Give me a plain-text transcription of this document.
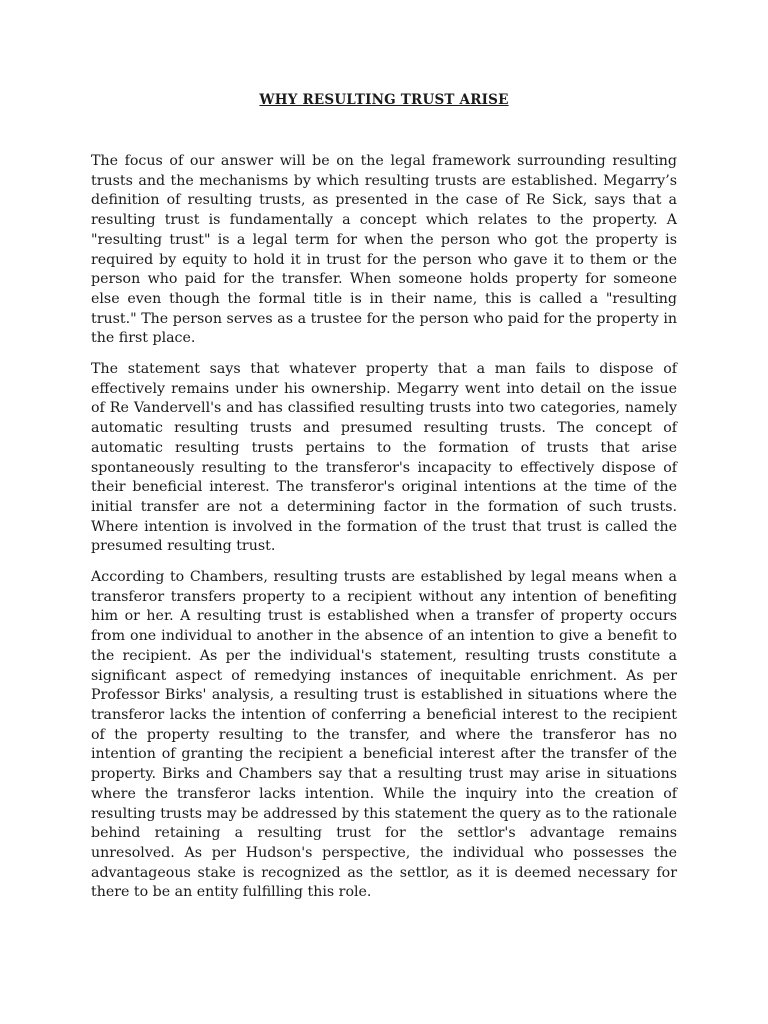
WHY RESULTING TRUST ARISE

The focus of our answer will be on the legal framework surrounding resulting trusts and the mechanisms by which resulting trusts are established. Megarry’s definition of resulting trusts, as presented in the case of Re Sick, says that a resulting trust is fundamentally a concept which relates to the property. A "resulting trust" is a legal term for when the person who got the property is required by equity to hold it in trust for the person who gave it to them or the person who paid for the transfer. When someone holds property for someone else even though the formal title is in their name, this is called a "resulting trust." The person serves as a trustee for the person who paid for the property in the first place.

The statement says that whatever property that a man fails to dispose of effectively remains under his ownership. Megarry went into detail on the issue of Re Vandervell's and has classified resulting trusts into two categories, namely automatic resulting trusts and presumed resulting trusts. The concept of automatic resulting trusts pertains to the formation of trusts that arise spontaneously resulting to the transferor's incapacity to effectively dispose of their beneficial interest. The transferor's original intentions at the time of the initial transfer are not a determining factor in the formation of such trusts. Where intention is involved in the formation of the trust that trust is called the presumed resulting trust.

According to Chambers, resulting trusts are established by legal means when a transferor transfers property to a recipient without any intention of benefiting him or her. A resulting trust is established when a transfer of property occurs from one individual to another in the absence of an intention to give a benefit to the recipient. As per the individual's statement, resulting trusts constitute a significant aspect of remedying instances of inequitable enrichment. As per Professor Birks' analysis, a resulting trust is established in situations where the transferor lacks the intention of conferring a beneficial interest to the recipient of the property resulting to the transfer, and where the transferor has no intention of granting the recipient a beneficial interest after the transfer of the property. Birks and Chambers say that a resulting trust may arise in situations where the transferor lacks intention. While the inquiry into the creation of resulting trusts may be addressed by this statement the query as to the rationale behind retaining a resulting trust for the settlor's advantage remains unresolved. As per Hudson's perspective, the individual who possesses the advantageous stake is recognized as the settlor, as it is deemed necessary for there to be an entity fulfilling this role.
